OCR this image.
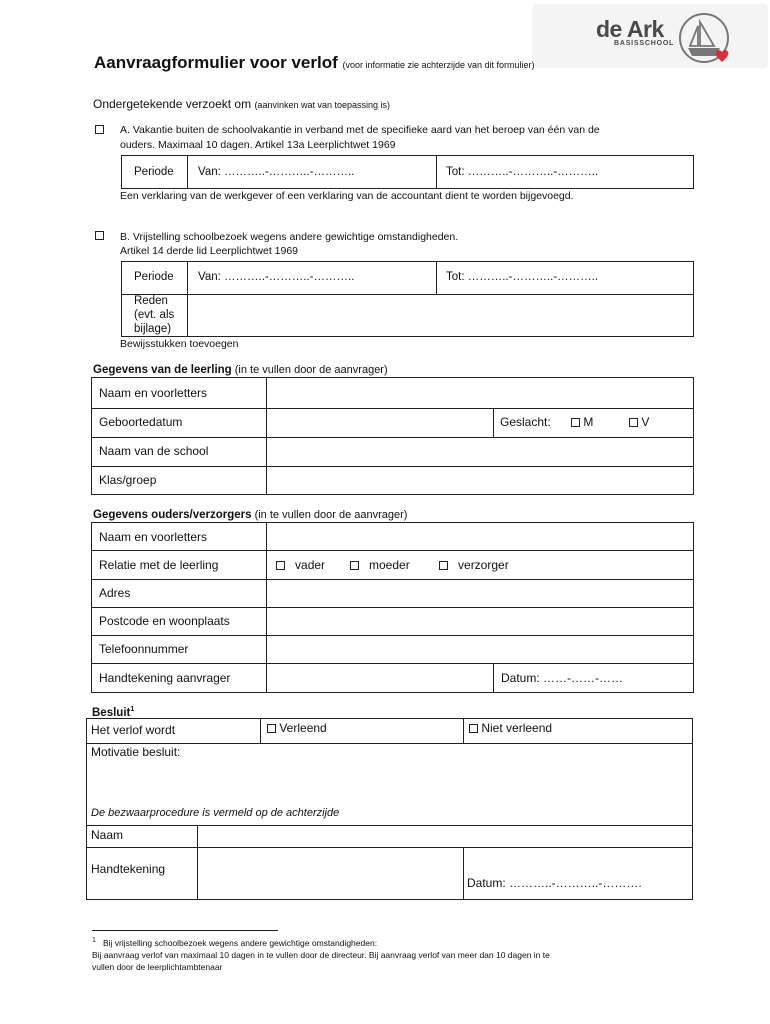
de Ark
BASISSCHOOL
Aanvraagformulier voor verlof (voor informatie zie achterzijde van dit formulier)
Ondergetekende verzoekt om (aanvinken wat van toepassing is)
A. Vakantie buiten de schoolvakantie in verband met de specifieke aard van het beroep van één van de
ouders. Maximaal 10 dagen. Artikel 13a Leerplichtwet 1969
Periode Van: ………..-………..-………..	Tot: ………..-………..-………..
Een verklaring van de werkgever of een verklaring van de accountant dient te worden bijgevoegd.
B. Vrijstelling schoolbezoek wegens andere gewichtige omstandigheden.
Artikel 14 derde lid Leerplichtwet 1969
Periode Van: ………..-………..-………..	Tot: ………..-………..-………..
Reden
(evt. als
bijlage)
Bewijsstukken toevoegen
Gegevens van de leerling (in te vullen door de aanvrager)
Naam en voorletters
Geboortedatum	Geslacht:	M	V
Naam van de school
Klas/groep
Gegevens ouders/verzorgers (in te vullen door de aanvrager)
Naam en voorletters
Relatie met de leerling	vader	moeder	verzorger
Adres
Postcode en woonplaats
Telefoonnummer
Handtekening aanvrager	Datum: ……-……-……
Besluit$^1$
Het verlof wordt	Verleend	Niet verleend
Motivatie besluit:
De bezwaarprocedure is vermeld op de achterzijde
Naam
Handtekening
Datum: ………..-………..-……….
$^1$ Bij vrijstelling schoolbezoek wegens andere gewichtige omstandigheden:
Bij aanvraag verlof van maximaal 10 dagen in te vullen door de directeur. Bij aanvraag verlof van meer dan 10 dagen in te
vullen door de leerplichtambtenaar
